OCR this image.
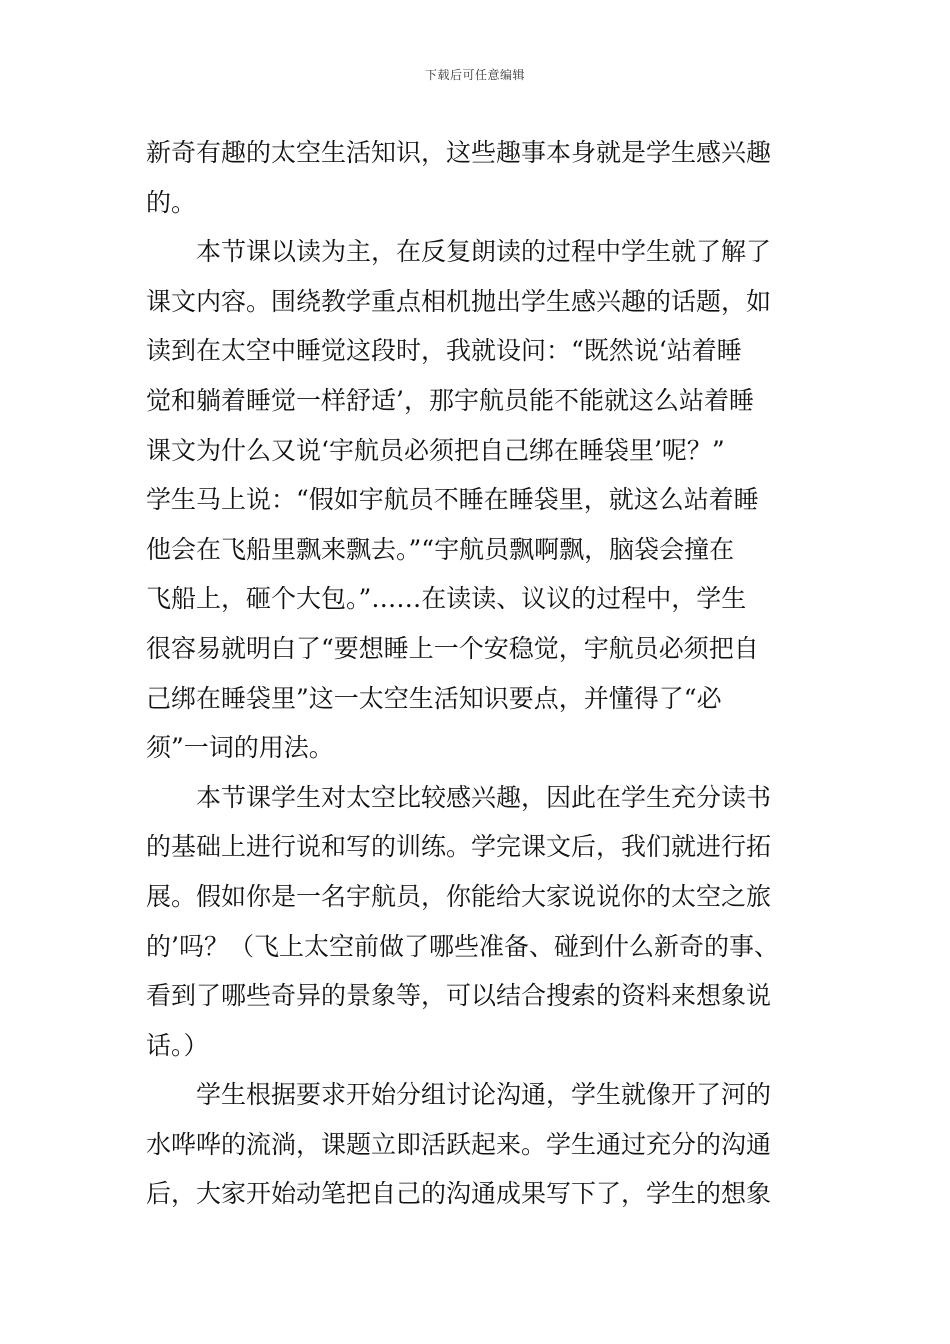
下载后可任意编辑
新奇有趣的太空生活知识，这些趣事本身就是学生感兴趣
的。
　　本节课以读为主，在反复朗读的过程中学生就了解了
课文内容。围绕教学重点相机抛出学生感兴趣的话题，如
读到在太空中睡觉这段时，我就设问：“既然说‘站着睡
觉和躺着睡觉一样舒适’，那宇航员能不能就这么站着睡
课文为什么又说‘宇航员必须把自己绑在睡袋里’呢？”
学生马上说：“假如宇航员不睡在睡袋里，就这么站着睡
他会在飞船里飘来飘去。”“宇航员飘啊飘，脑袋会撞在
飞船上，砸个大包。”……在读读、议议的过程中，学生
很容易就明白了“要想睡上一个安稳觉，宇航员必须把自
己绑在睡袋里”这一太空生活知识要点，并懂得了“必
须”一词的用法。
　　本节课学生对太空比较感兴趣，因此在学生充分读书
的基础上进行说和写的训练。学完课文后，我们就进行拓
展。假如你是一名宇航员，你能给大家说说你的太空之旅
的’吗？（飞上太空前做了哪些准备、碰到什么新奇的事、
看到了哪些奇异的景象等，可以结合搜索的资料来想象说
话。）
　　学生根据要求开始分组讨论沟通，学生就像开了河的
水哗哗的流淌，课题立即活跃起来。学生通过充分的沟通
后，大家开始动笔把自己的沟通成果写下了，学生的想象
